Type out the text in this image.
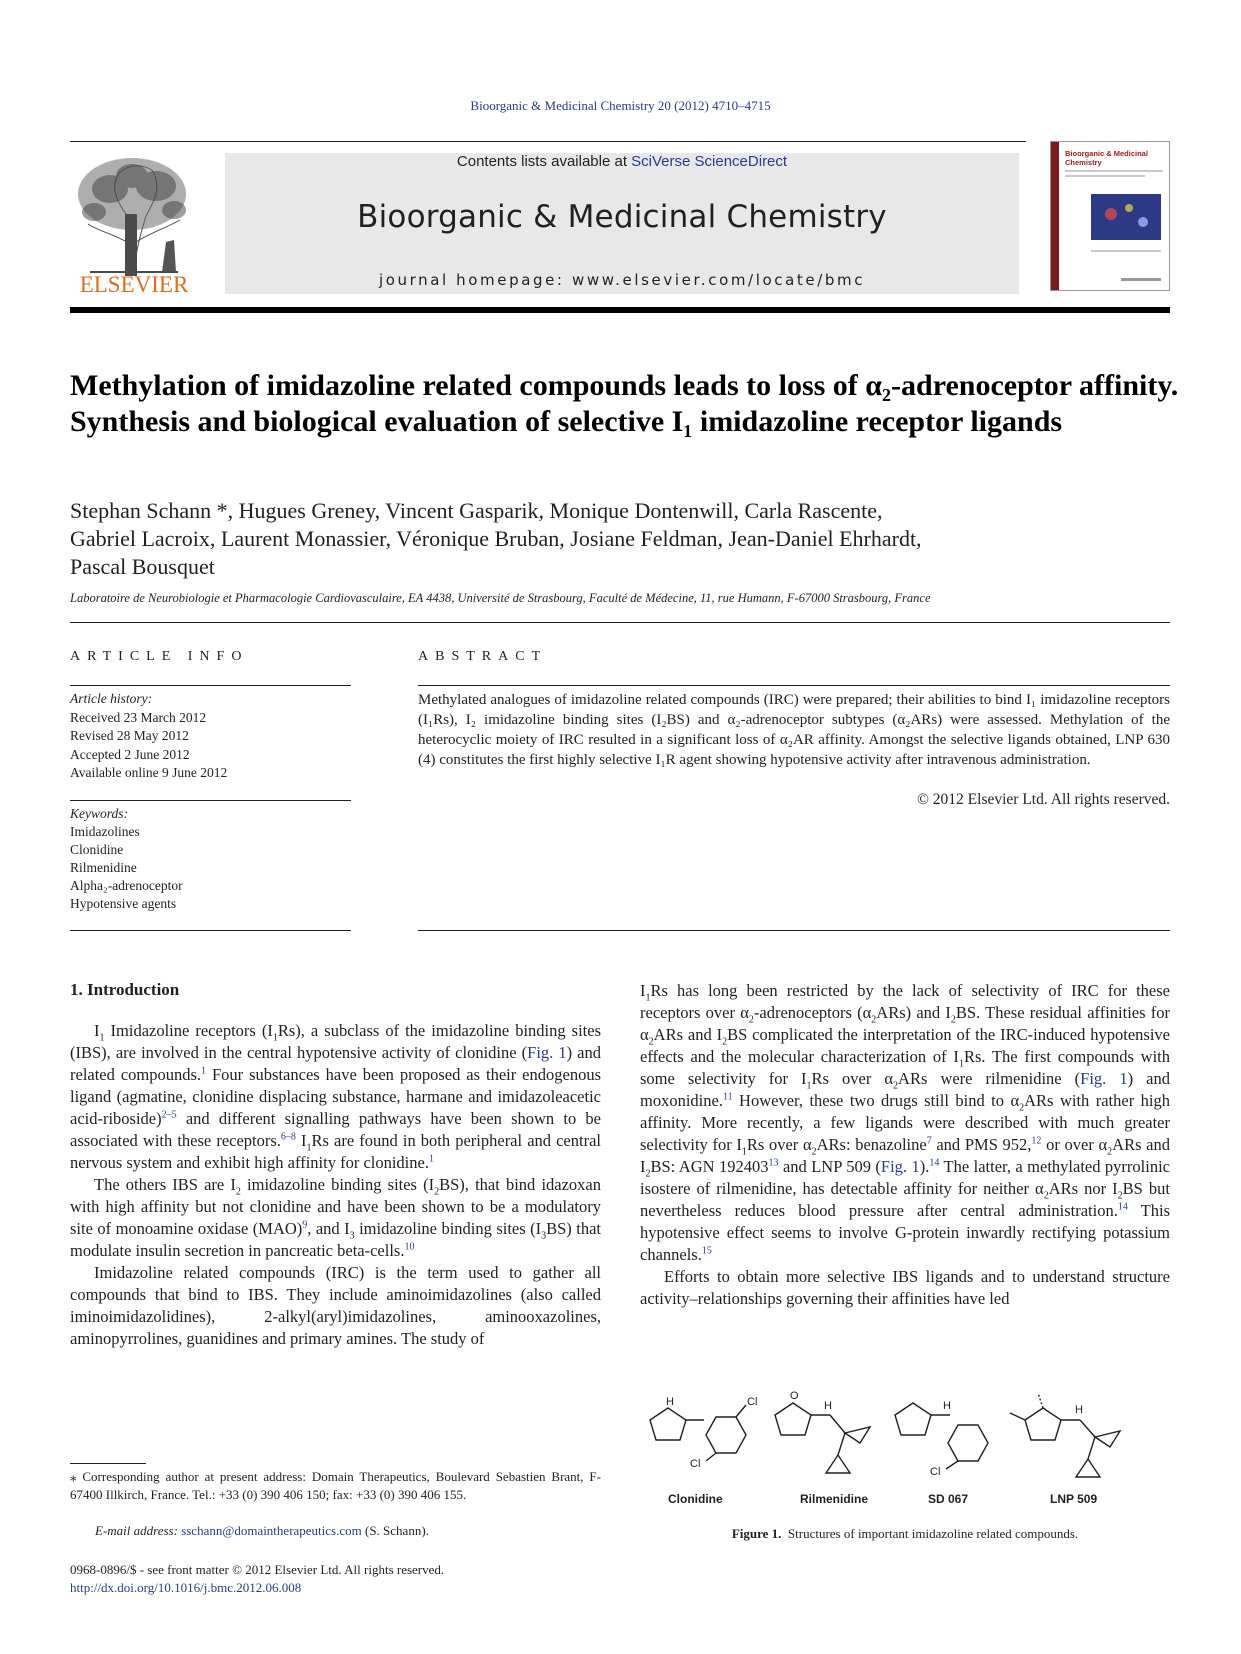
Bioorganic & Medicinal Chemistry 20 (2012) 4710–4715
ELSEVIER
Contents lists available at SciVerse ScienceDirect
Bioorganic & Medicinal Chemistry
journal homepage: www.elsevier.com/locate/bmc
Bioorganic & Medicinal
Chemistry
Methylation of imidazoline related compounds leads to loss of α₂-adrenoceptor affinity. Synthesis and biological evaluation of selective I₁ imidazoline receptor ligands
Stephan Schann *, Hugues Greney, Vincent Gasparik, Monique Dontenwill, Carla Rascente,
Gabriel Lacroix, Laurent Monassier, Véronique Bruban, Josiane Feldman, Jean-Daniel Ehrhardt,
Pascal Bousquet
Laboratoire de Neurobiologie et Pharmacologie Cardiovasculaire, EA 4438, Université de Strasbourg, Faculté de Médecine, 11, rue Humann, F-67000 Strasbourg, France
ARTICLE INFO
Article history:
Received 23 March 2012
Revised 28 May 2012
Accepted 2 June 2012
Available online 9 June 2012
Keywords:
Imidazolines
Clonidine
Rilmenidine
Alpha₂-adrenoceptor
Hypotensive agents
ABSTRACT
Methylated analogues of imidazoline related compounds (IRC) were prepared; their abilities to bind I₁ imidazoline receptors (I₁Rs), I₂ imidazoline binding sites (I₂BS) and α₂-adrenoceptor subtypes (α₂ARs) were assessed. Methylation of the heterocyclic moiety of IRC resulted in a significant loss of α₂AR affinity. Amongst the selective ligands obtained, LNP 630 (4) constitutes the first highly selective I₁R agent showing hypotensive activity after intravenous administration.
© 2012 Elsevier Ltd. All rights reserved.
1. Introduction

$I_1$ Imidazoline receptors $(I_1Rs)$, a subclass of the imidazoline binding sites (IBS), are involved in the central hypotensive activity of clonidine (Fig. 1) and related compounds.$^1$ Four substances have been proposed as their endogenous ligand (agmatine, clonidine displacing substance, harmane and imidazoleacetic acid-riboside)$^{2-5}$ and different signalling pathways have been shown to be associated with these receptors.$^{6-8}$ $I_1Rs$ are found in both peripheral and central nervous system and exhibit high affinity for clonidine.$^1$

The others IBS are $I_2$ imidazoline binding sites $(I_2BS)$, that bind idazoxan with high affinity but not clonidine and have been shown to be a modulatory site of monoamine oxidase (MAO)$^9$, and $I_3$ imidazoline binding sites $(I_3BS)$ that modulate insulin secretion in pancreatic beta-cells.$^{10}$

Imidazoline related compounds (IRC) is the term used to gather all compounds that bind to IBS. They include aminoimidazolines (also called iminoimidazolidines), 2-alkyl(aryl)imidazolines, aminooxazolines, aminopyrrolines, guanidines and primary amines. The study of

$I_1Rs$ has long been restricted by the lack of selectivity of IRC for these receptors over $\alpha_2$-adrenoceptors $(\alpha_2ARs)$ and $I_2BS$. These residual affinities for $\alpha_2ARs$ and $I_2BS$ complicated the interpretation of the IRC-induced hypotensive effects and the molecular characterization of $I_1Rs$. The first compounds with some selectivity for $I_1Rs$ over $\alpha_2ARs$ were rilmenidine (Fig. 1) and moxonidine.$^{11}$ However, these two drugs still bind to $\alpha_2ARs$ with rather high affinity. More recently, a few ligands were described with much greater selectivity for $I_1Rs$ over $\alpha_2ARs$: benazoline$^7$ and PMS 952,12 or over $\alpha_2ARs$ and $I_2BS$: AGN 192403$^{13}$ and LNP 509 (Fig. 1).$^{14}$ The latter, a methylated pyrrolinic isostere of rilmenidine, has detectable affinity for neither $\alpha_2ARs$ nor $I_2BS$ but nevertheless reduces blood pressure after central administration.$^{14}$ This hypotensive effect seems to involve G-protein inwardly rectifying potassium channels.$^{15}$

Efforts to obtain more selective IBS ligands and to understand structure activity–relationships governing their affinities have led

H	Cl
Cl
O
H	H
Cl
H
Clonidine	Rilmenidine	SD 067	LNP 509
Figure 1. Structures of important imidazoline related compounds.
⁎ Corresponding author at present address: Domain Therapeutics, Boulevard Sebastien Brant, F-67400 Illkirch, France. Tel.: +33 (0) 390 406 150; fax: +33 (0) 390 406 155.
E-mail address: sschann@domaintherapeutics.com (S. Schann).
0968-0896/$ - see front matter © 2012 Elsevier Ltd. All rights reserved.
http://dx.doi.org/10.1016/j.bmc.2012.06.008
